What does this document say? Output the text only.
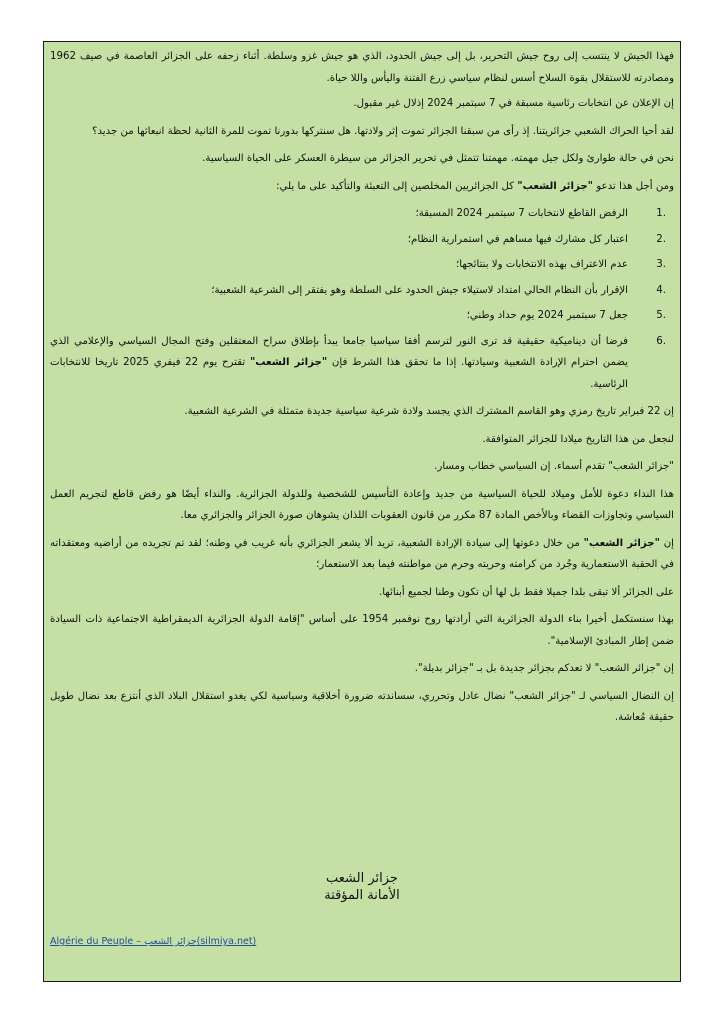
فهذا الجيش لا ينتسب إلى روح جيش التحرير، بل إلى جيش الحدود، الذي هو جيش غزو وسلطة. أثناء زحفه على الجزائر العاصمة في صيف 1962 ومصادرته للاستقلال بقوة السلاح أسس لنظام سياسي زرع الفتنة واليأس واللا حياة.

إن الإعلان عن انتخابات رئاسية مسبقة في 7 سبتمبر 2024 إذلال غير مقبول.

لقد أحيا الحراك الشعبي جزائريتنا. إذ رأى من سبقنا الجزائر تموت إثر ولادتها. هل سنتركها بدورنا تموت للمرة الثانية لحظة انبعاثها من جديد؟

نحن في حالة طوارئ ولكل جيل مهمته. مهمتنا تتمثل في تحرير الجزائر من سيطرة العسكر على الحياة السياسية.

ومن أجل هذا تدعو "جزائر الشعب" كل الجزائريين المخلصين إلى التعبئة والتأكيد على ما يلي:

1.
الرفض القاطع لانتخابات 7 سبتمبر 2024 المسبقة؛
2.
اعتبار كل مشارك فيها مساهم في استمرارية النظام؛
3.
عدم الاعتراف بهذه الانتخابات ولا بنتائجها؛
4.
الإقرار بأن النظام الحالي امتداد لاستيلاء جيش الحدود على السلطة وهو يفتقر إلى الشرعية الشعبية؛
5.
جعل 7 سبتمبر 2024 يوم حداد وطني؛
6.
فرضا أن ديناميكية حقيقية قد ترى النور لترسم أفقا سياسيا جامعا يبدأ بإطلاق سراح المعتقلين وفتح المجال السياسي والإعلامي الذي يضمن احترام الإرادة الشعبية وسيادتها. إذا ما تحقق هذا الشرط فإن "جزائر الشعب" تقترح يوم 22 فيفري 2025 تاريخا للانتخابات الرئاسية.

إن 22 فبراير تاريخ رمزي وهو القاسم المشترك الذي يجسد ولادة شرعية سياسية جديدة متمثلة في الشرعية الشعبية.

لنجعل من هذا التاريخ ميلادا للجزائر المتوافقة.

"جزائر الشعب" تقدم أسماء. إن السياسي خطاب ومسار.

هذا النداء دعوة للأمل وميلاد للحياة السياسية من جديد وإعادة التأسيس للشخصية وللدولة الجزائرية. والنداء أيضًا هو رفض قاطع لتجريم العمل السياسي وتجاوزات القضاء وبالأخص المادة 87 مكرر من قانون العقوبات اللذان يشوهان صورة الجزائر والجزائري معا.

إن "جزائر الشعب" من خلال دعوتها إلى سيادة الإرادة الشعبية، تريد ألا يشعر الجزائري بأنه غريب في وطنه؛ لقد تم تجريده من أراضيه ومعتقداته في الحقبة الاستعمارية وجُرد من كرامته وحريته وحرم من مواطنته فيما بعد الاستعمار؛

على الجزائر ألا تبقى بلدا جميلا فقط بل لها أن تكون وطنا لجميع أبنائها.

بهذا سنستكمل أخيرا بناء الدولة الجزائرية التي أرادتها روح نوفمبر 1954 على أساس "إقامة الدولة الجزائرية الديمقراطية الاجتماعية ذات السيادة ضمن إطار المبادئ الإسلامية".

إن "جزائر الشعب" لا تعدكم بجزائر جديدة بل بـ "جزائر بديلة".

إن النضال السياسي لـ "جزائر الشعب" نضال عادل وتحرري، سساندته ضرورة أخلاقية وسياسية لكي يغدو استقلال البلاد الذي أنتزع بعد نضال طويل حقيقة مُعاشة.

جزائر الشعب
الأمانة المؤقتة
Algérie du Peuple – جزائر الشعب(silmiya.net)
